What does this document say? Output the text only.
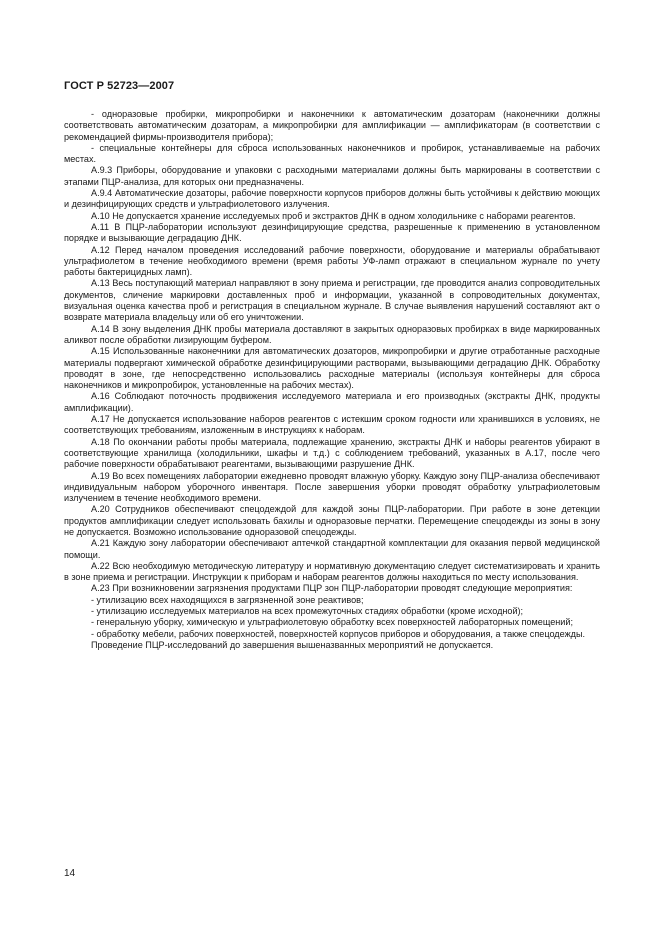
ГОСТ Р 52723—2007

- одноразовые пробирки, микропробирки и наконечники к автоматическим дозаторам (наконечники должны соответствовать автоматическим дозаторам, а микропробирки для амплификации — амплификаторам (в соответствии с рекомендацией фирмы-производителя прибора);

- специальные контейнеры для сброса использованных наконечников и пробирок, устанавливаемые на рабочих местах.

А.9.3 Приборы, оборудование и упаковки с расходными материалами должны быть маркированы в соответствии с этапами ПЦР-анализа, для которых они предназначены.

А.9.4 Автоматические дозаторы, рабочие поверхности корпусов приборов должны быть устойчивы к действию моющих и дезинфицирующих средств и ультрафиолетового излучения.

А.10 Не допускается хранение исследуемых проб и экстрактов ДНК в одном холодильнике с наборами реагентов.

А.11 В ПЦР-лаборатории используют дезинфицирующие средства, разрешенные к применению в установленном порядке и вызывающие деградацию ДНК.

А.12 Перед началом проведения исследований рабочие поверхности, оборудование и материалы обрабатывают ультрафиолетом в течение необходимого времени (время работы УФ-ламп отражают в специальном журнале по учету работы бактерицидных ламп).

А.13 Весь поступающий материал направляют в зону приема и регистрации, где проводится анализ сопроводительных документов, сличение маркировки доставленных проб и информации, указанной в сопроводительных документах, визуальная оценка качества проб и регистрация в специальном журнале. В случае выявления нарушений составляют акт о возврате материала владельцу или об его уничтожении.

А.14 В зону выделения ДНК пробы материала доставляют в закрытых одноразовых пробирках в виде маркированных аликвот после обработки лизирующим буфером.

А.15 Использованные наконечники для автоматических дозаторов, микропробирки и другие отработанные расходные материалы подвергают химической обработке дезинфицирующими растворами, вызывающими деградацию ДНК. Обработку проводят в зоне, где непосредственно использовались расходные материалы (используя контейнеры для сброса наконечников и микропробирок, установленные на рабочих местах).

А.16 Соблюдают поточность продвижения исследуемого материала и его производных (экстракты ДНК, продукты амплификации).

А.17 Не допускается использование наборов реагентов с истекшим сроком годности или хранившихся в условиях, не соответствующих требованиям, изложенным в инструкциях к наборам.

А.18 По окончании работы пробы материала, подлежащие хранению, экстракты ДНК и наборы реагентов убирают в соответствующие хранилища (холодильники, шкафы и т.д.) с соблюдением требований, указанных в А.17, после чего рабочие поверхности обрабатывают реагентами, вызывающими разрушение ДНК.

А.19 Во всех помещениях лаборатории ежедневно проводят влажную уборку. Каждую зону ПЦР-анализа обеспечивают индивидуальным набором уборочного инвентаря. После завершения уборки проводят обработку ультрафиолетовым излучением в течение необходимого времени.

А.20 Сотрудников обеспечивают спецодеждой для каждой зоны ПЦР-лаборатории. При работе в зоне детекции продуктов амплификации следует использовать бахилы и одноразовые перчатки. Перемещение спецодежды из зоны в зону не допускается. Возможно использование одноразовой спецодежды.

А.21 Каждую зону лаборатории обеспечивают аптечкой стандартной комплектации для оказания первой медицинской помощи.

А.22 Всю необходимую методическую литературу и нормативную документацию следует систематизировать и хранить в зоне приема и регистрации. Инструкции к приборам и наборам реагентов должны находиться по месту использования.

А.23 При возникновении загрязнения продуктами ПЦР зон ПЦР-лаборатории проводят следующие мероприятия:

- утилизацию всех находящихся в загрязненной зоне реактивов;

- утилизацию исследуемых материалов на всех промежуточных стадиях обработки (кроме исходной);

- генеральную уборку, химическую и ультрафиолетовую обработку всех поверхностей лабораторных помещений;

- обработку мебели, рабочих поверхностей, поверхностей корпусов приборов и оборудования, а также спецодежды.

Проведение ПЦР-исследований до завершения вышеназванных мероприятий не допускается.

14
